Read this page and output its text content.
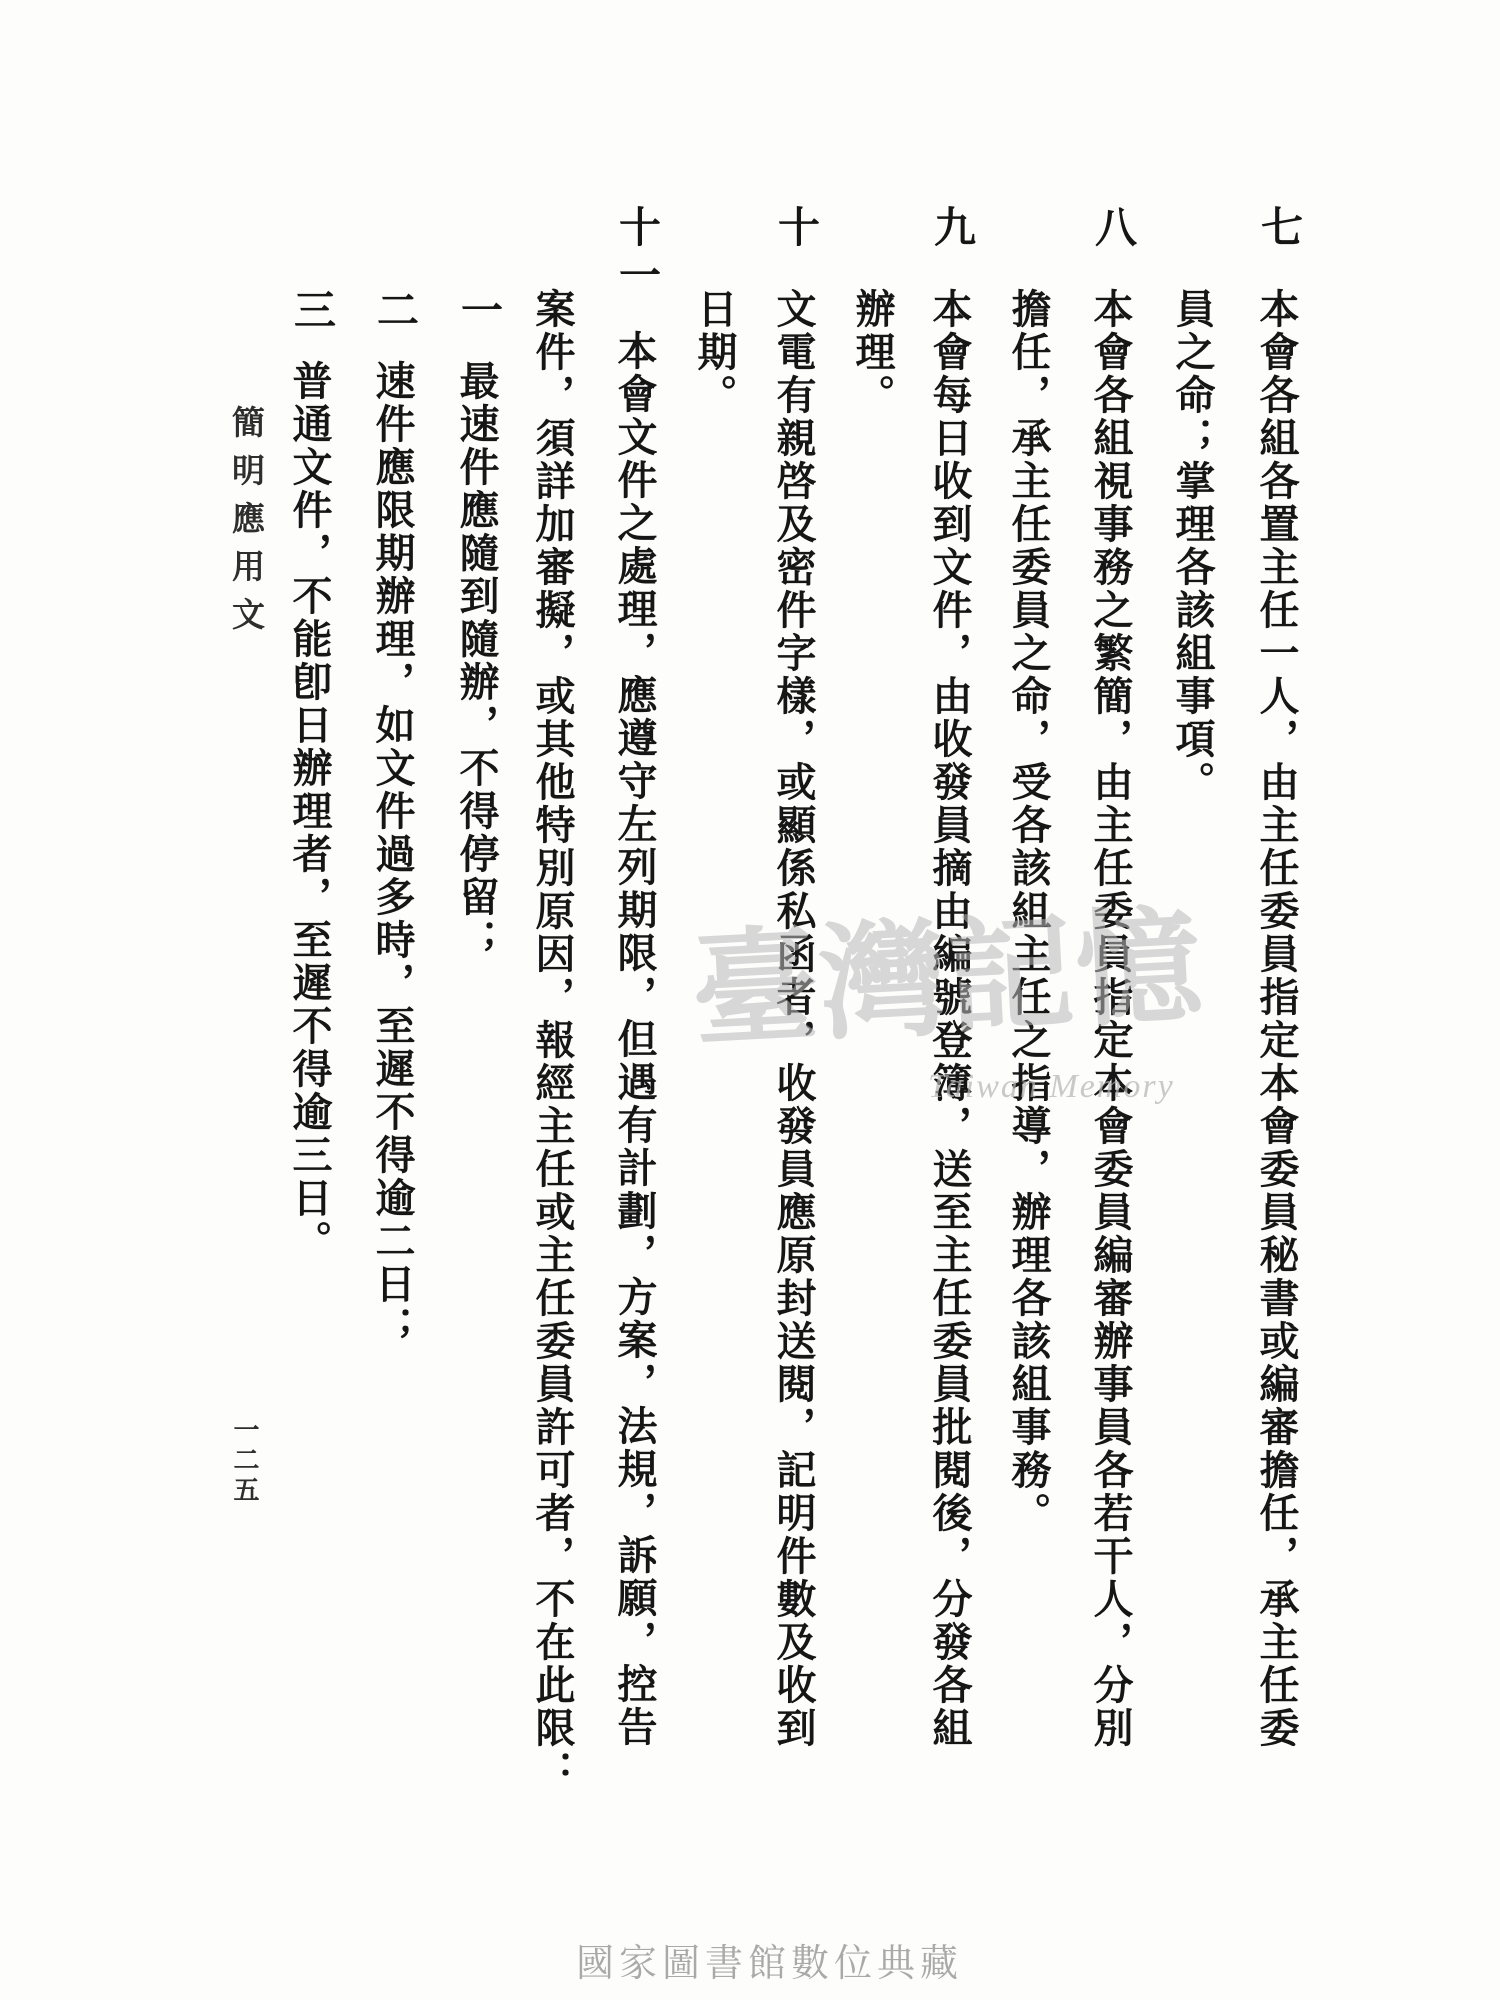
七
本會各組各置主任一人，由主任委員指定本會委員秘書或編審擔任，承主任委
員之命；掌理各該組事項。
八
本會各組視事務之繁簡，由主任委員指定本會委員編審辦事員各若干人，分別
擔任，承主任委員之命，受各該組主任之指導，辦理各該組事務。
九
本會每日收到文件，由收發員摘由編號登簿，送至主任委員批閱後，分發各組
辦理。
十
文電有親啓及密件字樣，或顯係私函者，收發員應原封送閱，記明件數及收到
日期。
十一
本會文件之處理，應遵守左列期限，但遇有計劃，方案，法規，訴願，控告
案件，須詳加審擬，或其他特別原因，報經主任或主任委員許可者，不在此限：
一
最速件應隨到隨辦，不得停留；
二
速件應限期辦理，如文件過多時，至遲不得逾二日；
三
普通文件，不能卽日辦理者，至遲不得逾三日。
簡明應用文
一二五
臺灣記憶
Taiwan Memory
國家圖書館數位典藏
